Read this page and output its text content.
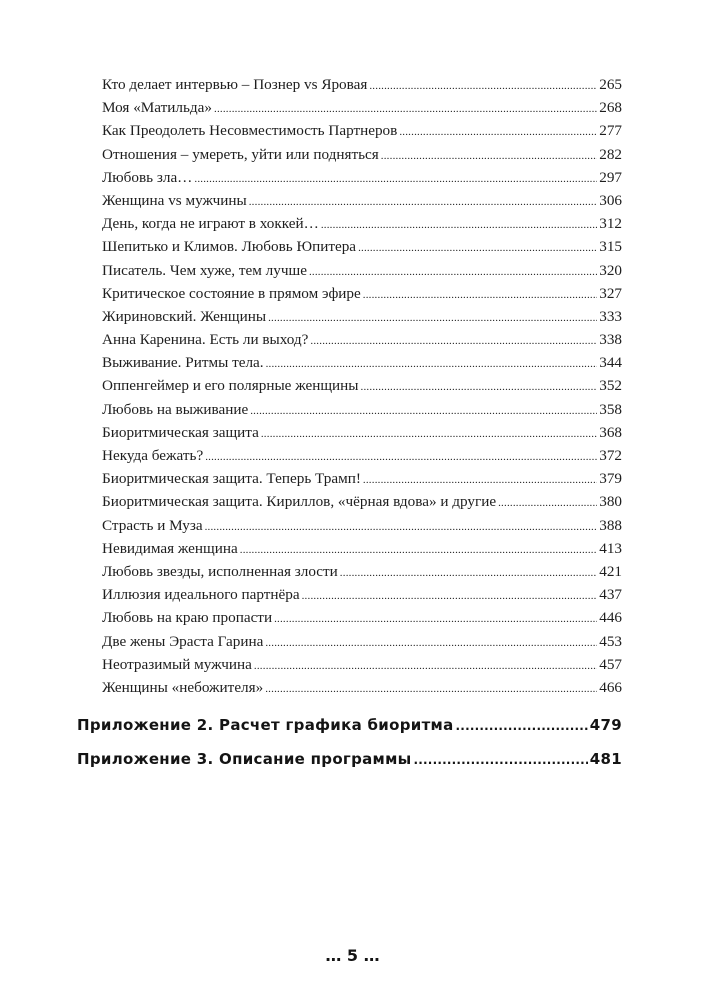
Кто делает интервью – Познер vs Яровая .....	265
Моя «Матильда» .....	268
Как Преодолеть Несовместимость Партнеров .....	277
Отношения – умереть, уйти или подняться .....	282
Любовь зла… .....	297
Женщина vs мужчины .....	306
День, когда не играют в хоккей… .....	312
Шепитько и Климов. Любовь Юпитера .....	315
Писатель. Чем хуже, тем лучше .....	320
Критическое состояние в прямом эфире .....	327
Жириновский. Женщины .....	333
Анна Каренина. Есть ли выход? .....	338
Выживание. Ритмы тела. .....	344
Оппенгеймер и его полярные женщины .....	352
Любовь на выживание .....	358
Биоритмическая защита .....	368
Некуда бежать? .....	372
Биоритмическая защита. Теперь Трамп! .....	379
Биоритмическая защита. Кириллов, «чёрная вдова» и другие .....	380
Страсть и Муза .....	388
Невидимая женщина .....	413
Любовь звезды, исполненная злости .....	421
Иллюзия идеального партнёра .....	437
Любовь на краю пропасти .....	446
Две жены Эраста Гарина .....	453
Неотразимый мужчина .....	457
Женщины «небожителя» .....	466
Приложение 2. Расчет графика биоритма .....	479
Приложение 3. Описание программы .....	481
… 5 …
